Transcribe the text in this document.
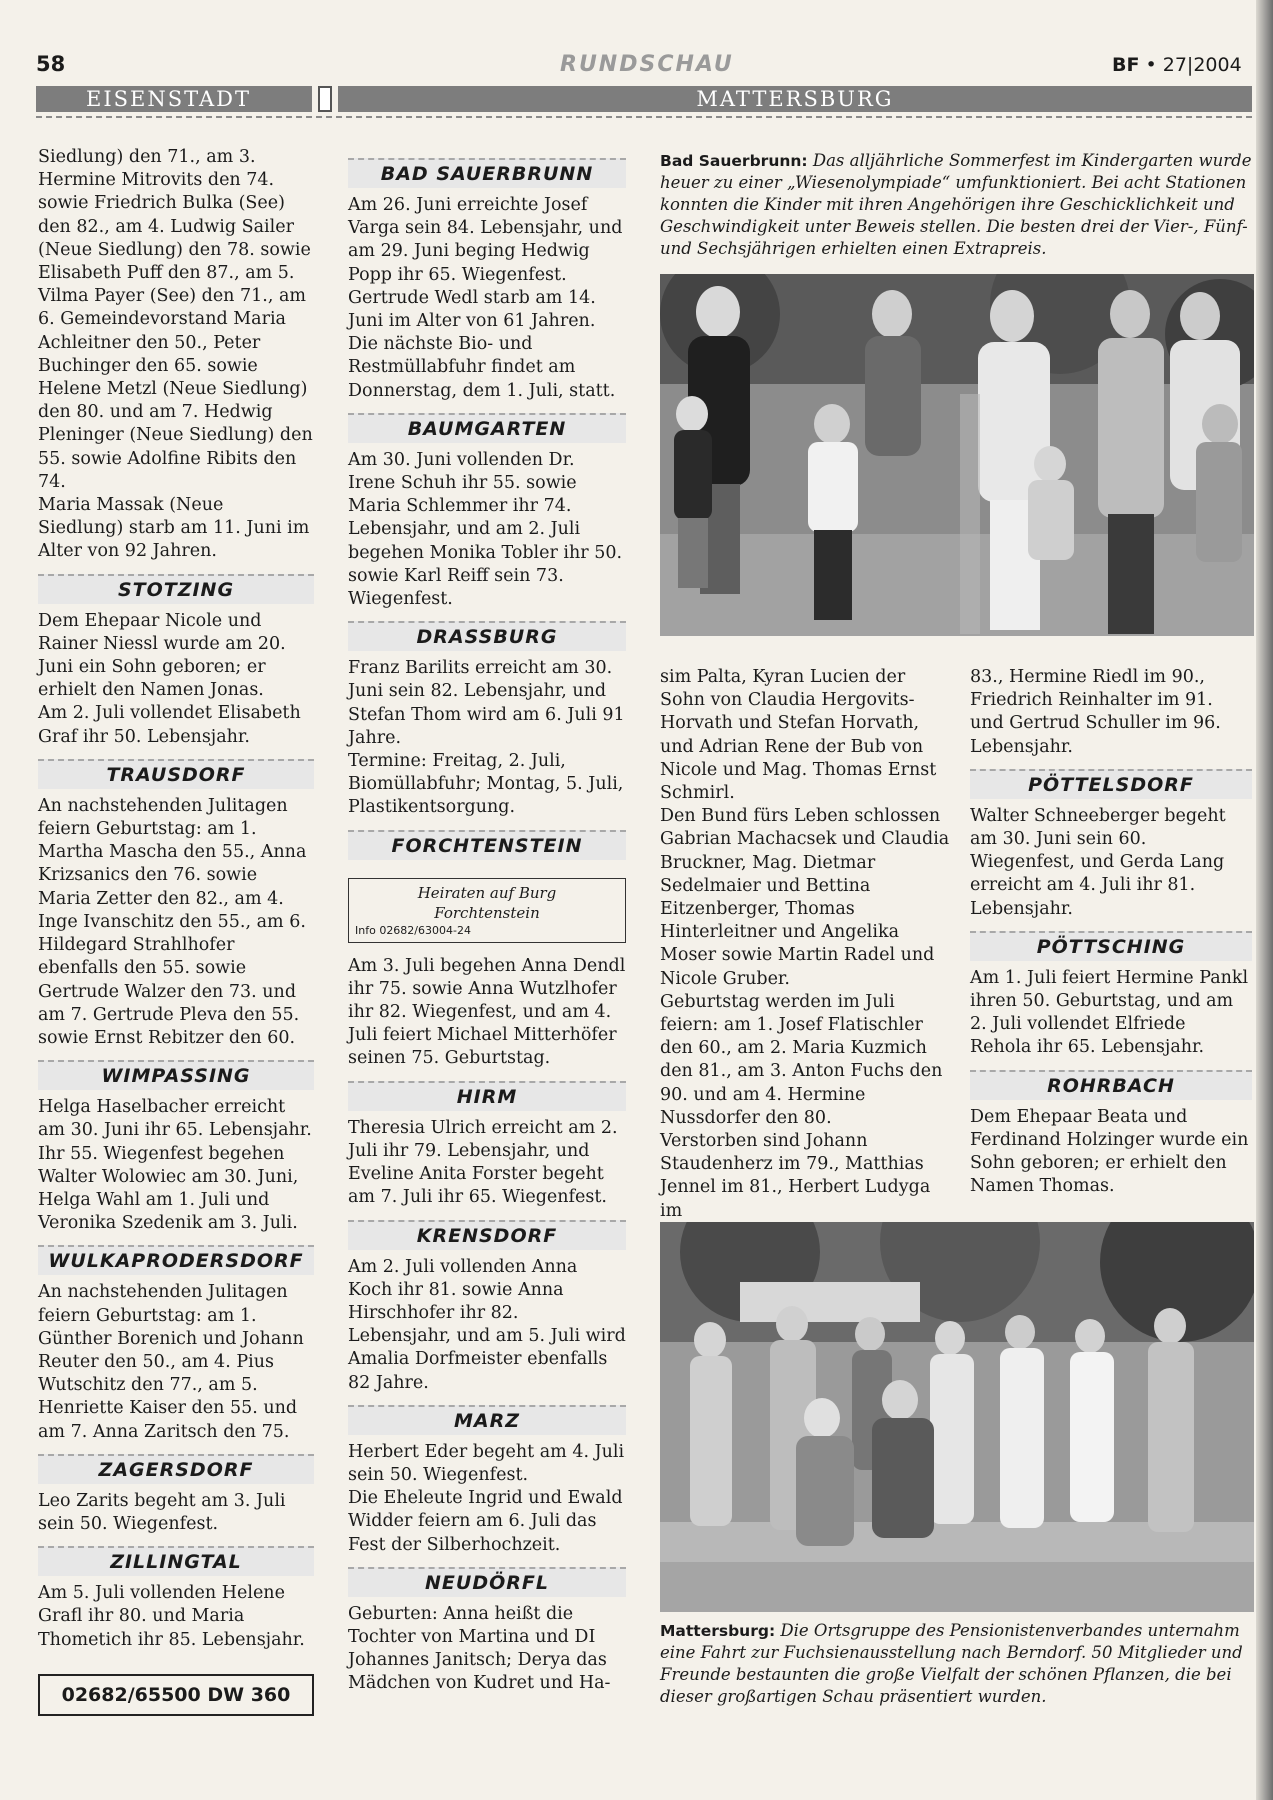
58	RUNDSCHAU	BF • 27|2004
EISENSTADT	MATTERSBURG

Siedlung) den 71., am 3. Hermine Mitrovits den 74. sowie Friedrich Bulka (See) den 82., am 4. Ludwig Sailer (Neue Siedlung) den 78. sowie Elisabeth Puff den 87., am 5. Vilma Payer (See) den 71., am 6. Gemeindevorstand Maria Achleitner den 50., Peter Buchinger den 65. sowie Helene Metzl (Neue Siedlung) den 80. und am 7. Hedwig Pleninger (Neue Siedlung) den 55. sowie Adolfine Ribits den 74.

Maria Massak (Neue Siedlung) starb am 11. Juni im Alter von 92 Jahren.

STOTZING

Dem Ehepaar Nicole und Rainer Niessl wurde am 20. Juni ein Sohn geboren; er erhielt den Namen Jonas.

Am 2. Juli vollendet Elisabeth Graf ihr 50. Lebensjahr.

TRAUSDORF

An nachstehenden Julitagen feiern Geburtstag: am 1. Martha Mascha den 55., Anna Krizsanics den 76. sowie Maria Zetter den 82., am 4. Inge Ivanschitz den 55., am 6. Hildegard Strahlhofer ebenfalls den 55. sowie Gertrude Walzer den 73. und am 7. Gertrude Pleva den 55. sowie Ernst Rebitzer den 60.

WIMPASSING

Helga Haselbacher erreicht am 30. Juni ihr 65. Lebensjahr. Ihr 55. Wiegenfest begehen Walter Wolowiec am 30. Juni, Helga Wahl am 1. Juli und Veronika Szedenik am 3. Juli.

WULKAPRODERSDORF

An nachstehenden Julitagen feiern Geburtstag: am 1. Günther Borenich und Johann Reuter den 50., am 4. Pius Wutschitz den 77., am 5. Henriette Kaiser den 55. und am 7. Anna Zaritsch den 75.

ZAGERSDORF

Leo Zarits begeht am 3. Juli sein 50. Wiegenfest.

ZILLINGTAL

Am 5. Juli vollenden Helene Grafl ihr 80. und Maria Thometich ihr 85. Lebensjahr.

02682/65500 DW 360
BAD SAUERBRUNN

Am 26. Juni erreichte Josef Varga sein 84. Lebensjahr, und am 29. Juni beging Hedwig Popp ihr 65. Wiegenfest. Gertrude Wedl starb am 14. Juni im Alter von 61 Jahren. Die nächste Bio- und Restmüllabfuhr findet am Donnerstag, dem 1. Juli, statt.

BAUMGARTEN

Am 30. Juni vollenden Dr. Irene Schuh ihr 55. sowie Maria Schlemmer ihr 74. Lebensjahr, und am 2. Juli begehen Monika Tobler ihr 50. sowie Karl Reiff sein 73. Wiegenfest.

DRASSBURG

Franz Barilits erreicht am 30. Juni sein 82. Lebensjahr, und Stefan Thom wird am 6. Juli 91 Jahre.

Termine: Freitag, 2. Juli, Biomüllabfuhr; Montag, 5. Juli, Plastikentsorgung.

FORCHTENSTEIN
Heiraten auf Burg
Forchtenstein
Info 02682/63004-24

Am 3. Juli begehen Anna Dendl ihr 75. sowie Anna Wutzlhofer ihr 82. Wiegenfest, und am 4. Juli feiert Michael Mitterhöfer seinen 75. Geburtstag.

HIRM

Theresia Ulrich erreicht am 2. Juli ihr 79. Lebensjahr, und Eveline Anita Forster begeht am 7. Juli ihr 65. Wiegenfest.

KRENSDORF

Am 2. Juli vollenden Anna Koch ihr 81. sowie Anna Hirschhofer ihr 82. Lebensjahr, und am 5. Juli wird Amalia Dorfmeister ebenfalls 82 Jahre.

MARZ

Herbert Eder begeht am 4. Juli sein 50. Wiegenfest.

Die Eheleute Ingrid und Ewald Widder feiern am 6. Juli das Fest der Silberhochzeit.

NEUDÖRFL

Geburten: Anna heißt die Tochter von Martina und DI Johannes Janitsch; Derya das Mädchen von Kudret und Ha-

Bad Sauerbrunn: Das alljährliche Sommerfest im Kindergarten wurde heuer zu einer „Wiesenolympiade“ umfunktioniert. Bei acht Stationen konnten die Kinder mit ihren Angehörigen ihre Geschicklichkeit und Geschwindigkeit unter Beweis stellen. Die besten drei der Vier-, Fünf- und Sechsjährigen erhielten einen Extrapreis.

sim Palta, Kyran Lucien der Sohn von Claudia Hergovits-Horvath und Stefan Horvath, und Adrian Rene der Bub von Nicole und Mag. Thomas Ernst Schmirl.

Den Bund fürs Leben schlossen Gabrian Machacsek und Claudia Bruckner, Mag. Dietmar Sedelmaier und Bettina Eitzenberger, Thomas Hinterleitner und Angelika Moser sowie Martin Radel und Nicole Gruber.

Geburtstag werden im Juli feiern: am 1. Josef Flatischler den 60., am 2. Maria Kuzmich den 81., am 3. Anton Fuchs den 90. und am 4. Hermine Nussdorfer den 80.

Verstorben sind Johann Staudenherz im 79., Matthias Jennel im 81., Herbert Ludyga im

83., Hermine Riedl im 90., Friedrich Reinhalter im 91. und Gertrud Schuller im 96. Lebensjahr.

PÖTTELSDORF

Walter Schneeberger begeht am 30. Juni sein 60. Wiegenfest, und Gerda Lang erreicht am 4. Juli ihr 81. Lebensjahr.

PÖTTSCHING

Am 1. Juli feiert Hermine Pankl ihren 50. Geburtstag, und am 2. Juli vollendet Elfriede Rehola ihr 65. Lebensjahr.

ROHRBACH

Dem Ehepaar Beata und Ferdinand Holzinger wurde ein Sohn geboren; er erhielt den Namen Thomas.

Mattersburg: Die Ortsgruppe des Pensionistenverbandes unternahm eine Fahrt zur Fuchsienausstellung nach Berndorf. 50 Mitglieder und Freunde bestaunten die große Vielfalt der schönen Pflanzen, die bei dieser großartigen Schau präsentiert wurden.
